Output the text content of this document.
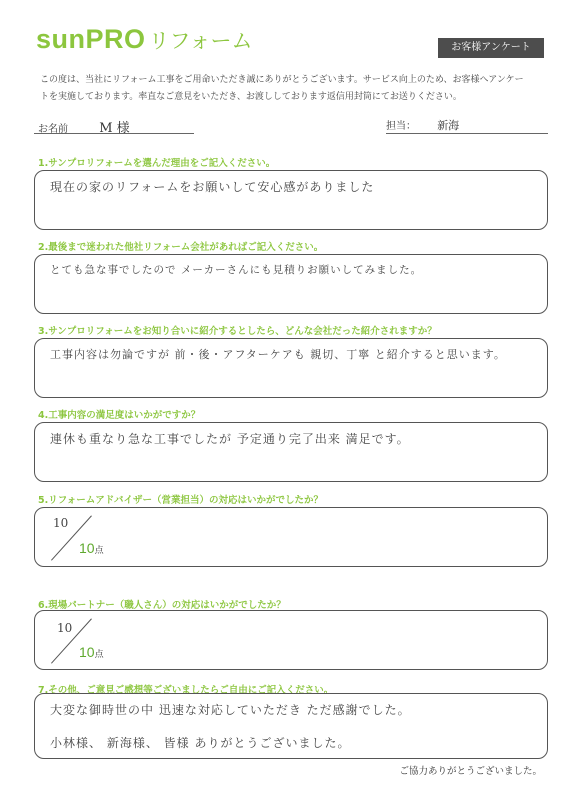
sunPRO リフォーム	お客様アンケート
この度は、当社にリフォーム工事をご用命いただき誠にありがとうございます。サービス向上のため、お客様へアンケー
トを実施しております。率直なご意見をいただき、お渡ししております返信用封筒にてお送りください。
お名前 M 様	担当： 新海
1.サンプロリフォームを選んだ理由をご記入ください。
現在の家のリフォームをお願いして安心感がありました
2.最後まで迷われた他社リフォーム会社があればご記入ください。
とても急な事でしたので メーカーさんにも見積りお願いしてみました。
3.サンプロリフォームをお知り合いに紹介するとしたら、どんな会社だった紹介されますか？
工事内容は勿論ですが 前・後・アフターケアも 親切、丁寧 と紹介すると思います。
4.工事内容の満足度はいかがですか？
連休も重なり急な工事でしたが 予定通り完了出来 満足です。
5.リフォームアドバイザー（営業担当）の対応はいかがでしたか？
10
10点
6.現場パートナー（職人さん）の対応はいかがでしたか？
10
10点
7.その他、ご意見ご感想等ございましたらご自由にご記入ください。
大変な御時世の中 迅速な対応していただき ただ感謝でした。
小林様、 新海様、 皆様 ありがとうございました。
ご協力ありがとうございました。
